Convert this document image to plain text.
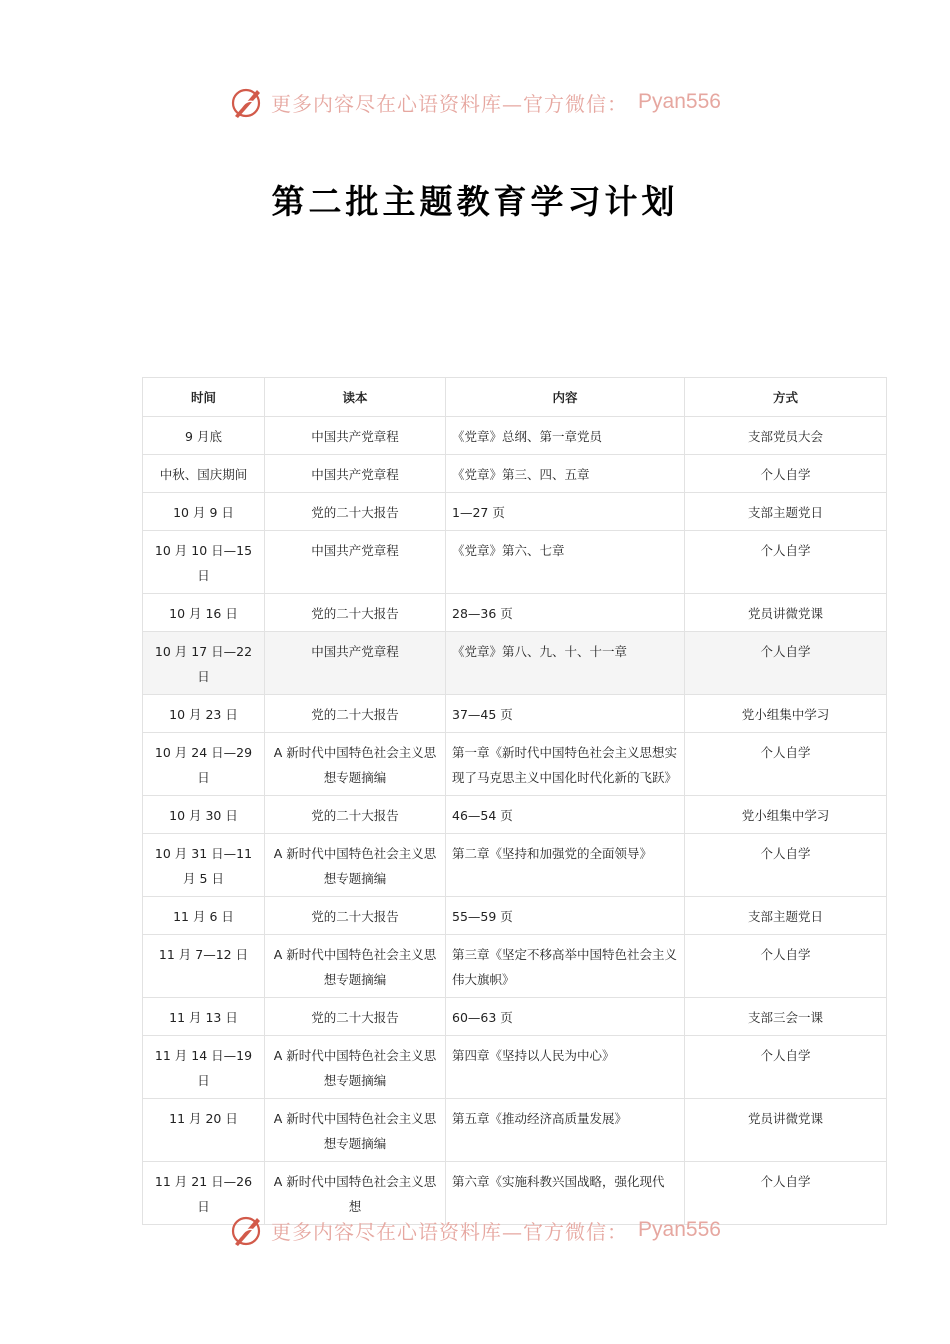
更多内容尽在心语资料库—官方微信： Pyan556
第二批主题教育学习计划
时间	读本	内容	方式
9 月底	中国共产党章程	《党章》总纲、第一章党员	支部党员大会
中秋、国庆期间	中国共产党章程	《党章》第三、四、五章	个人自学
10 月 9 日	党的二十大报告	1—27 页	支部主题党日
10 月 10 日—15 日	中国共产党章程	《党章》第六、七章	个人自学
10 月 16 日	党的二十大报告	28—36 页	党员讲微党课
10 月 17 日—22 日	中国共产党章程	《党章》第八、九、十、十一章	个人自学
10 月 23 日	党的二十大报告	37—45 页	党小组集中学习
10 月 24 日—29 日	A 新时代中国特色社会主义思想专题摘编	第一章《新时代中国特色社会主义思想实现了马克思主义中国化时代化新的飞跃》	个人自学
10 月 30 日	党的二十大报告	46—54 页	党小组集中学习
10 月 31 日—11 月 5 日	A 新时代中国特色社会主义思想专题摘编	第二章《坚持和加强党的全面领导》	个人自学
11 月 6 日	党的二十大报告	55—59 页	支部主题党日
11 月 7—12 日	A 新时代中国特色社会主义思想专题摘编	第三章《坚定不移高举中国特色社会主义伟大旗帜》	个人自学
11 月 13 日	党的二十大报告	60—63 页	支部三会一课
11 月 14 日—19 日	A 新时代中国特色社会主义思想专题摘编	第四章《坚持以人民为中心》	个人自学
11 月 20 日	A 新时代中国特色社会主义思想专题摘编	第五章《推动经济高质量发展》	党员讲微党课
11 月 21 日—26 日	A 新时代中国特色社会主义思想	第六章《实施科教兴国战略，强化现代	个人自学
更多内容尽在心语资料库—官方微信： Pyan556
